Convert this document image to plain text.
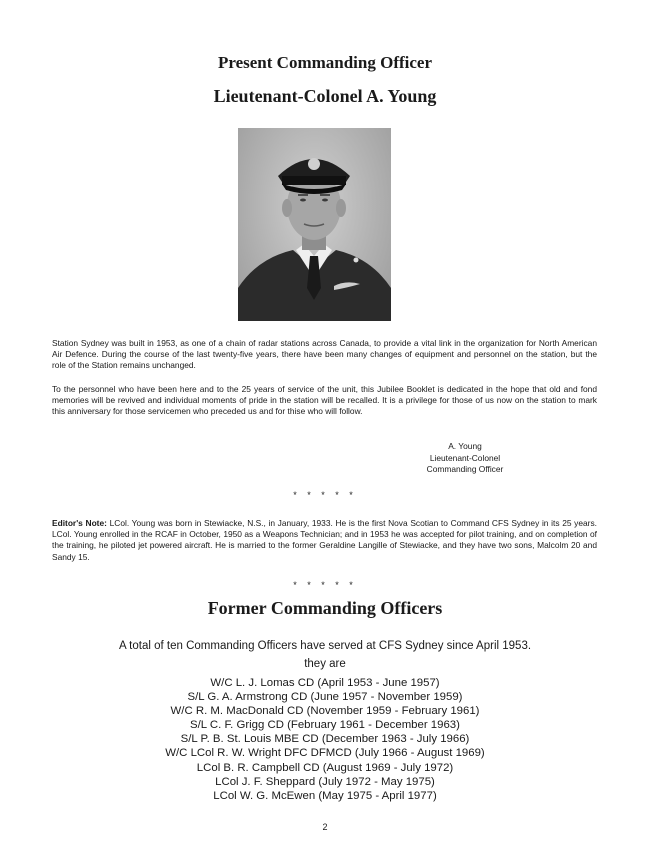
Present Commanding Officer
Lieutenant-Colonel A. Young

Station Sydney was built in 1953, as one of a chain of radar stations across Canada, to provide a vital link in the organization for North American Air Defence. During the course of the last twenty-five years, there have been many changes of equipment and personnel on the station, but the role of the Station remains unchanged.

To the personnel who have been here and to the 25 years of service of the unit, this Jubilee Booklet is dedicated in the hope that old and fond memories will be revived and individual moments of pride in the station will be recalled. It is a privilege for those of us now on the station to mark this anniversary for those servicemen who preceded us and for thise who will follow.

A. Young
Lieutenant-Colonel
Commanding Officer
* * * * *

Editor's Note: LCol. Young was born in Stewiacke, N.S., in January, 1933. He is the first Nova Scotian to Command CFS Sydney in its 25 years. LCol. Young enrolled in the RCAF in October, 1950 as a Weapons Technician; and in 1953 he was accepted for pilot training, and on completion of the training, he piloted jet powered aircraft. He is married to the former Geraldine Langille of Stewiacke, and they have two sons, Malcolm 20 and Sandy 15.

* * * * *
Former Commanding Officers

A total of ten Commanding Officers have served at CFS Sydney since April 1953.

they are

W/C L. J. Lomas CD (April 1953 - June 1957)
S/L G. A. Armstrong CD (June 1957 - November 1959)
W/C R. M. MacDonald CD (November 1959 - February 1961)
S/L C. F. Grigg CD (February 1961 - December 1963)
S/L P. B. St. Louis MBE CD (December 1963 - July 1966)
W/C LCol R. W. Wright DFC DFMCD (July 1966 - August 1969)
LCol B. R. Campbell CD (August 1969 - July 1972)
LCol J. F. Sheppard (July 1972 - May 1975)
LCol W. G. McEwen (May 1975 - April 1977)
2
